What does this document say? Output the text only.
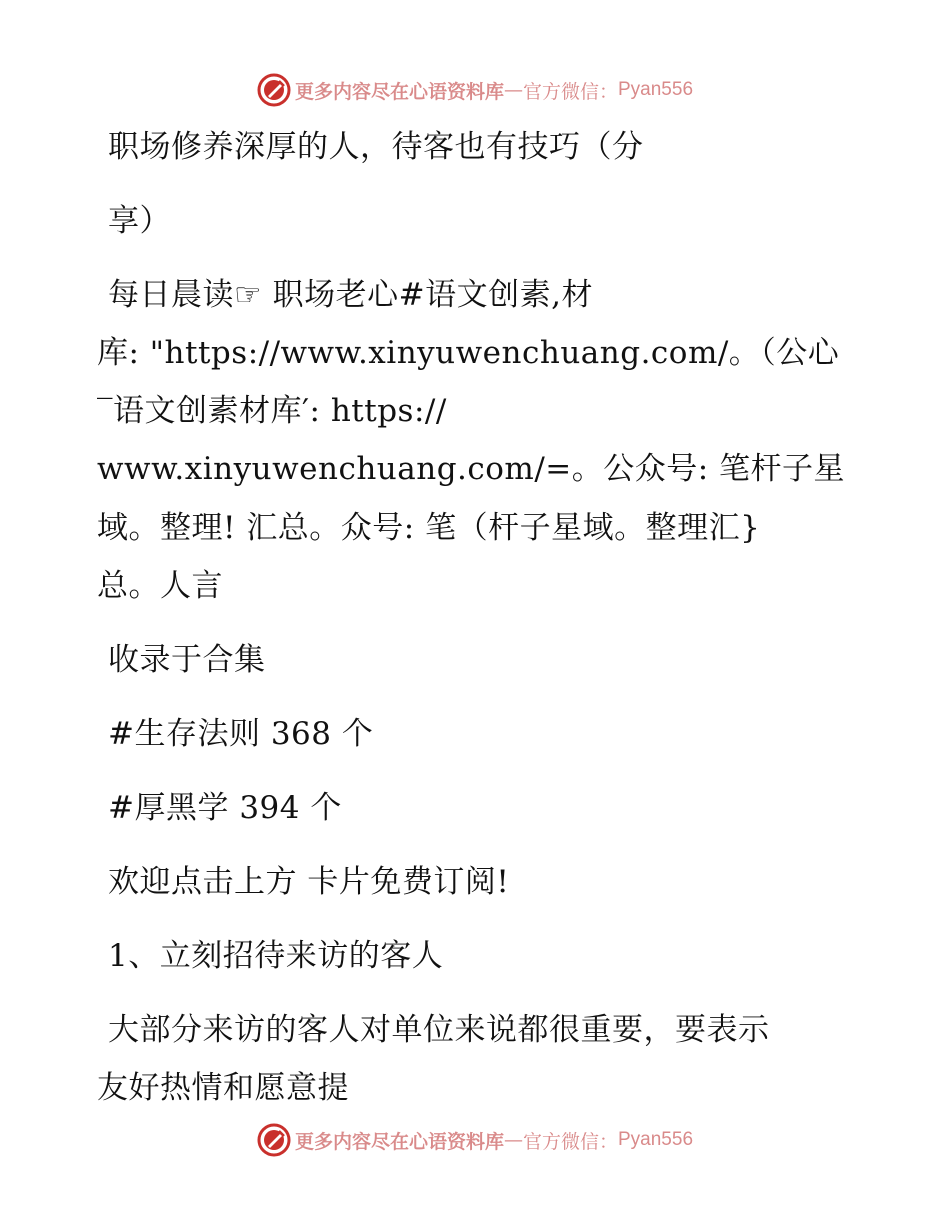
更多内容尽在心语资料库 — 官方微信： Pyan556
职场修养深厚的人，待客也有技巧（分
享）
每日晨读☞ 职场老心#语文创素,材
库: "https://www.xinyuwenchuang.com/。（公心
‾语文创素材库′: https://
www.xinyuwenchuang.com/=。公众号: 笔杆子星
域。整理! 汇总。众号: 笔（杆子星域。整理汇}
总。人言
收录于合集
#生存法则 368 个
#厚黑学 394 个
欢迎点击上方 卡片免费订阅!
1、立刻招待来访的客人
大部分来访的客人对单位来说都很重要，要表示
友好热情和愿意提
更多内容尽在心语资料库 — 官方微信： Pyan556
